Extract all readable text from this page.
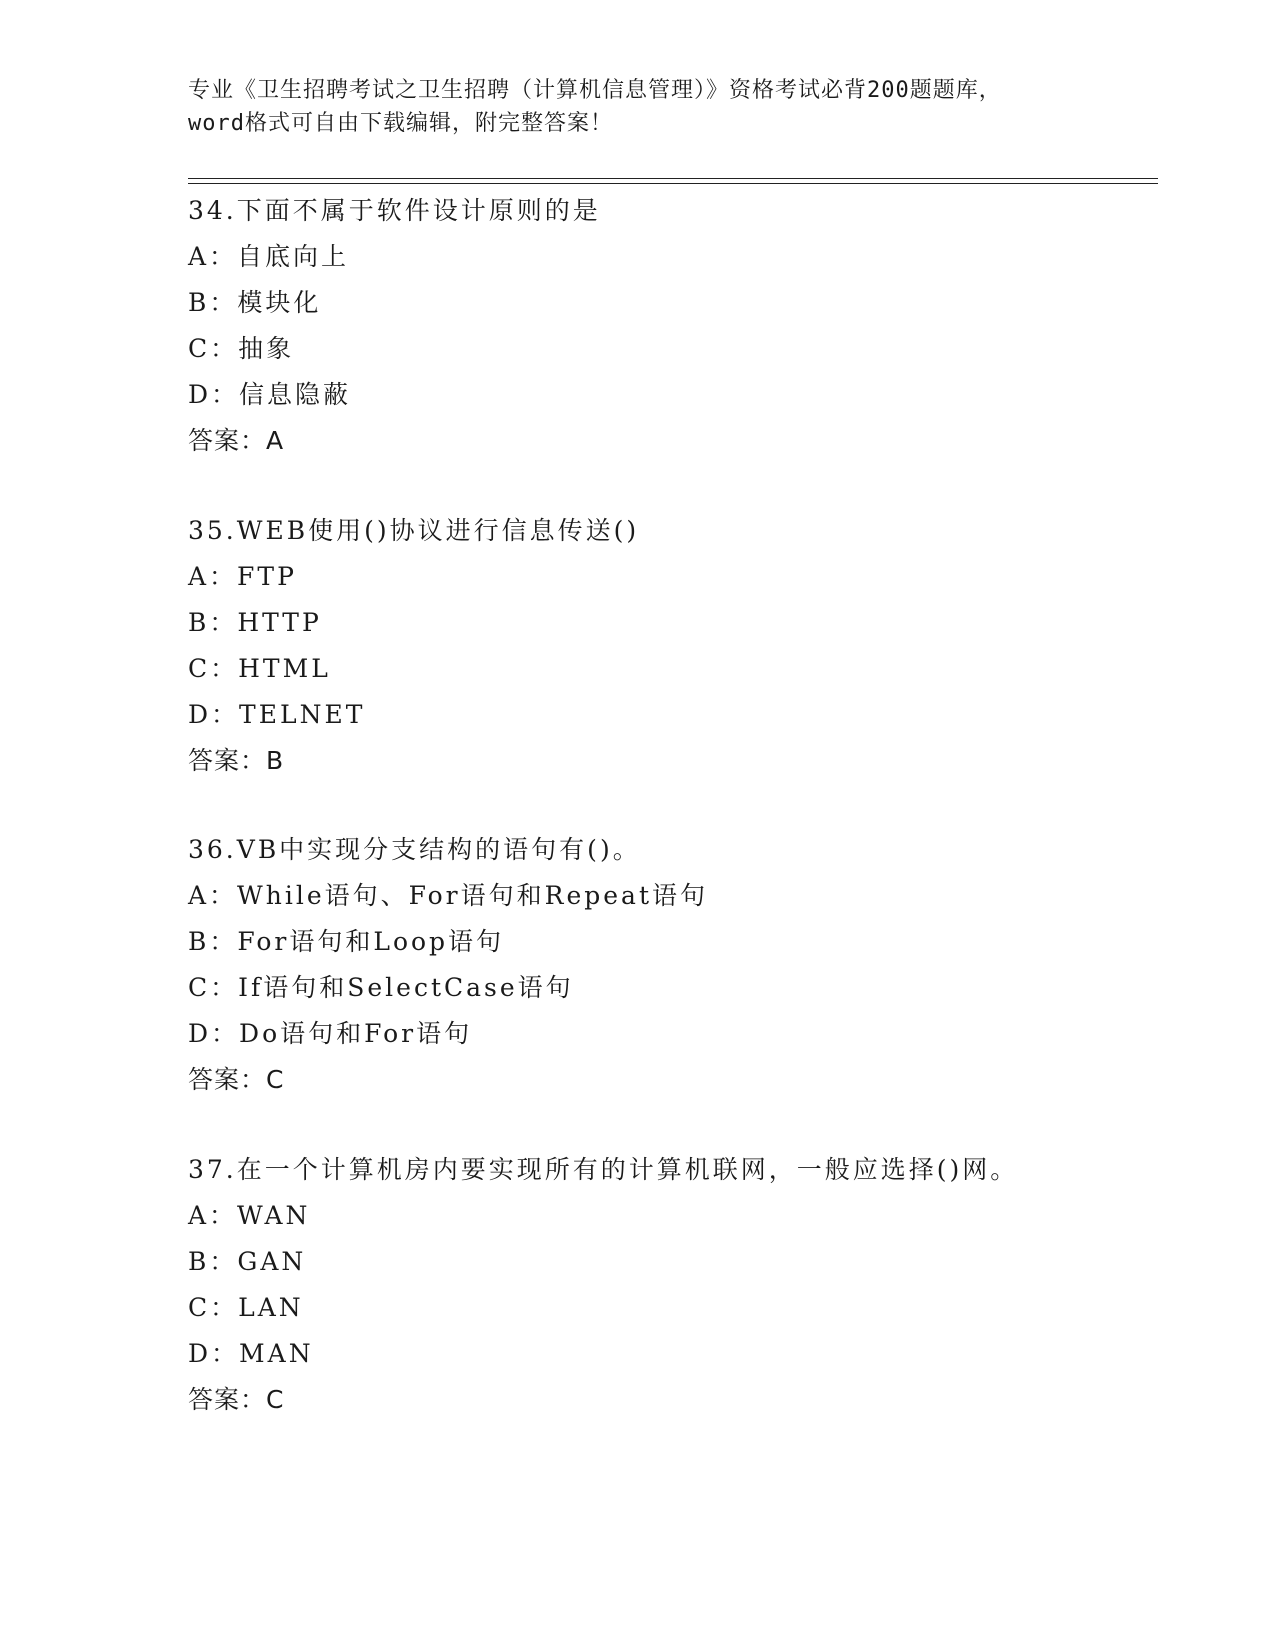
专业《卫生招聘考试之卫生招聘（计算机信息管理）》资格考试必背200题题库，
word格式可自由下载编辑，附完整答案！
34.下面不属于软件设计原则的是
A：自底向上
B：模块化
C：抽象
D：信息隐蔽
答案：A
35.WEB使用()协议进行信息传送()
A：FTP
B：HTTP
C：HTML
D：TELNET
答案：B
36.VB中实现分支结构的语句有()。
A：While语句、For语句和Repeat语句
B：For语句和Loop语句
C：If语句和SelectCase语句
D：Do语句和For语句
答案：C
37.在一个计算机房内要实现所有的计算机联网，一般应选择()网。
A：WAN
B：GAN
C：LAN
D：MAN
答案：C
